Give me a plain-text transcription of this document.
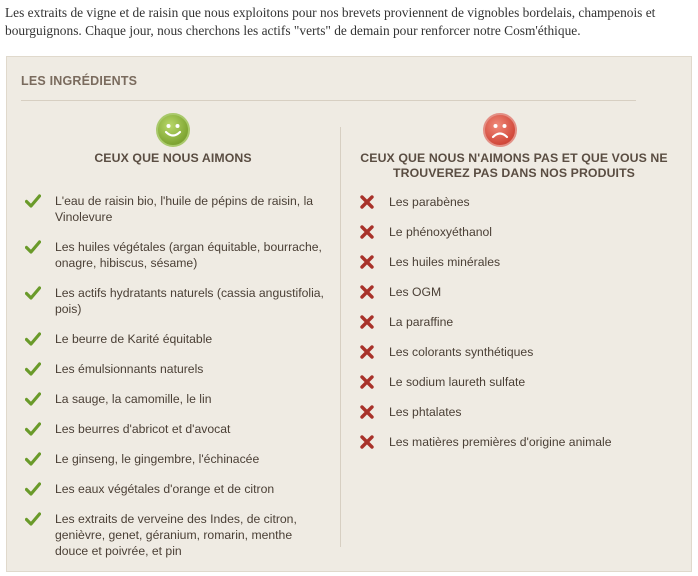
Les extraits de vigne et de raisin que nous exploitons pour nos brevets proviennent de vignobles bordelais, champenois et bourguignons. Chaque jour, nous cherchons les actifs "verts" de demain pour renforcer notre Cosm'éthique.

LES INGRÉDIENTS
CEUX QUE NOUS AIMONS	CEUX QUE NOUS N'AIMONS PAS ET QUE VOUS NE TROUVEREZ PAS DANS NOS PRODUITS
L'eau de raisin bio, l'huile de pépins de raisin, la Vinolevure
Les huiles végétales (argan équitable, bourrache, onagre, hibiscus, sésame)
Les actifs hydratants naturels (cassia angustifolia, pois)
Le beurre de Karité équitable
Les émulsionnants naturels
La sauge, la camomille, le lin
Les beurres d'abricot et d'avocat
Le ginseng, le gingembre, l'échinacée
Les eaux végétales d'orange et de citron
Les extraits de verveine des Indes, de citron, genièvre, genet, géranium, romarin, menthe douce et poivrée, et pin
Les parabènes
Le phénoxyéthanol
Les huiles minérales
Les OGM
La paraffine
Les colorants synthétiques
Le sodium laureth sulfate
Les phtalates
Les matières premières d'origine animale
